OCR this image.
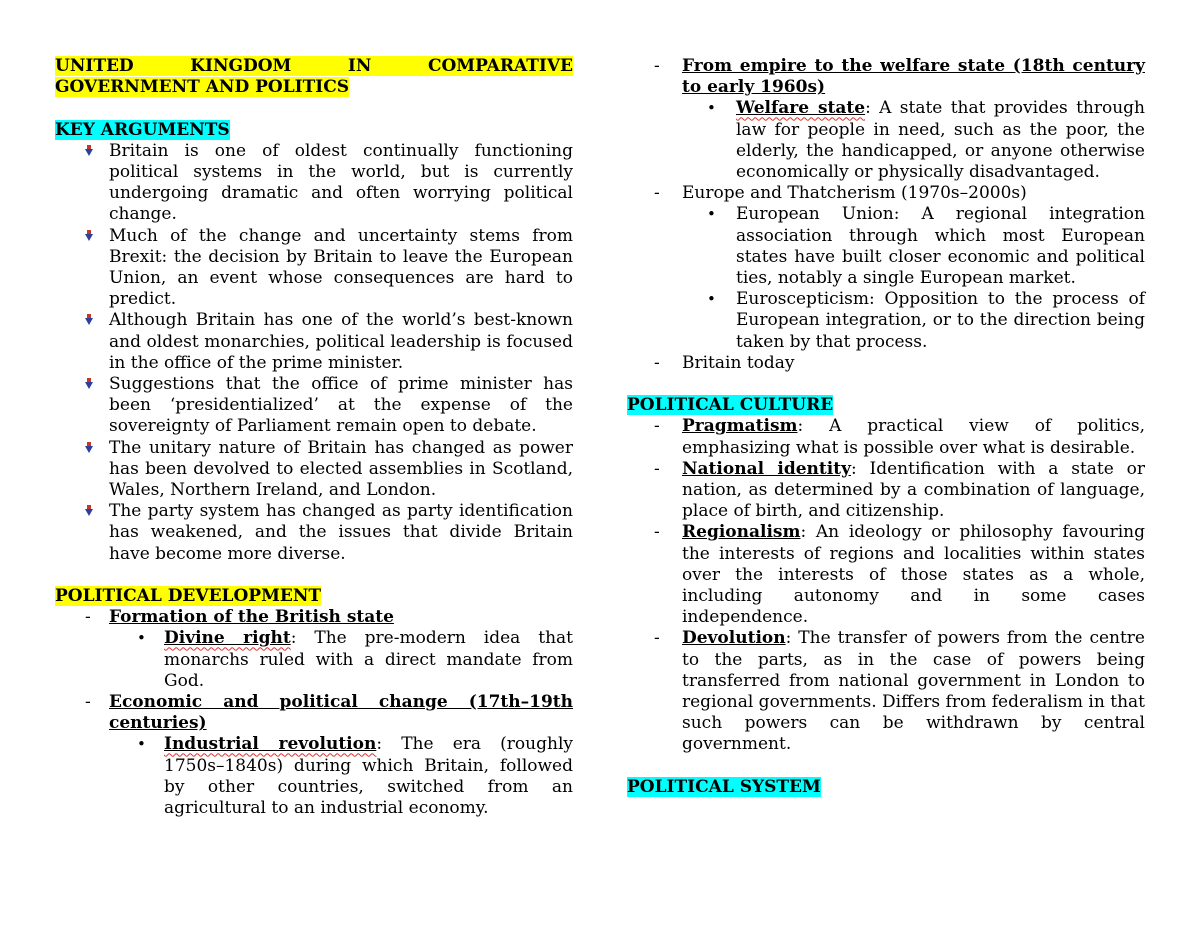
UNITED KINGDOM IN COMPARATIVE
GOVERNMENT AND POLITICS
KEY ARGUMENTS
Britain is one of oldest continually functioning political systems in the world, but is currently undergoing dramatic and often worrying political change.
Much of the change and uncertainty stems from Brexit: the decision by Britain to leave the European Union, an event whose consequences are hard to predict.
Although Britain has one of the world’s best-known and oldest monarchies, political leadership is focused in the office of the prime minister.
Suggestions that the office of prime minister has been ‘presidentialized’ at the expense of the sovereignty of Parliament remain open to debate.
The unitary nature of Britain has changed as power has been devolved to elected assemblies in Scotland, Wales, Northern Ireland, and London.
The party system has changed as party identification has weakened, and the issues that divide Britain have become more diverse.
POLITICAL DEVELOPMENT
- Formation of the British state
• Divine right: The pre-modern idea that monarchs ruled with a direct mandate from God.
- Economic and political change (17th–19th centuries)
• Industrial revolution: The era (roughly 1750s–1840s) during which Britain, followed by other countries, switched from an agricultural to an industrial economy.
- From empire to the welfare state (18th century to early 1960s)
• Welfare state: A state that provides through law for people in need, such as the poor, the elderly, the handicapped, or anyone otherwise economically or physically disadvantaged.
- Europe and Thatcherism (1970s–2000s)
• European Union: A regional integration association through which most European states have built closer economic and political ties, notably a single European market.
• Euroscepticism: Opposition to the process of European integration, or to the direction being taken by that process.
- Britain today
POLITICAL CULTURE
- Pragmatism: A practical view of politics, emphasizing what is possible over what is desirable.
- National identity: Identification with a state or nation, as determined by a combination of language, place of birth, and citizenship.
- Regionalism: An ideology or philosophy favouring the interests of regions and localities within states over the interests of those states as a whole, including autonomy and in some cases independence.
- Devolution: The transfer of powers from the centre to the parts, as in the case of powers being transferred from national government in London to regional governments. Differs from federalism in that such powers can be withdrawn by central government.
POLITICAL SYSTEM
